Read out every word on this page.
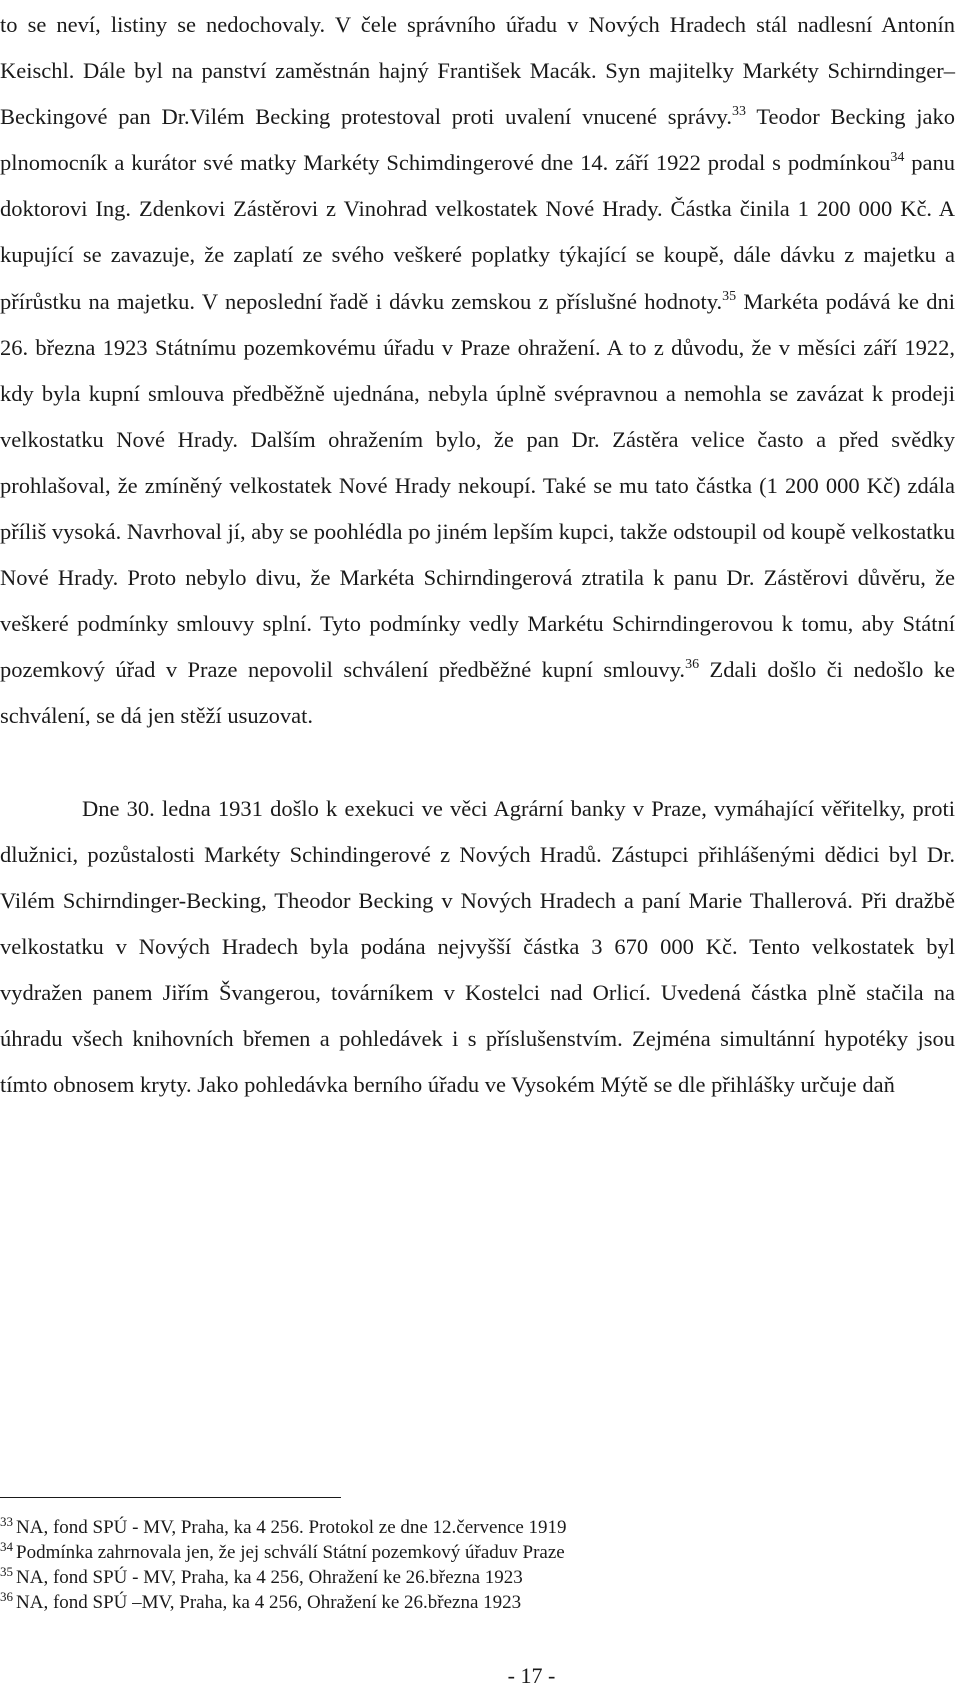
to se neví, listiny se nedochovaly. V čele správního úřadu v Nových Hradech stál nadlesní Antonín Keischl. Dále byl na panství zaměstnán hajný František Macák. Syn majitelky Markéty Schirndinger–Beckingové pan Dr.Vilém Becking protestoval proti uvalení vnucené správy.$^{33}$ Teodor Becking jako plnomocník a kurátor své matky Markéty Schimdingerové dne 14. září 1922 prodal s podmínkou$^{34}$ panu doktorovi Ing. Zdenkovi Zástěrovi z Vinohrad velkostatek Nové Hrady. Částka činila 1 200 000 Kč. A kupující se zavazuje, že zaplatí ze svého veškeré poplatky týkající se koupě, dále dávku z majetku a přírůstku na majetku. V neposlední řadě i dávku zemskou z příslušné hodnoty.$^{35}$ Markéta podává ke dni 26. března 1923 Státnímu pozemkovému úřadu v Praze ohražení. A to z důvodu, že v měsíci září 1922, kdy byla kupní smlouva předběžně ujednána, nebyla úplně svépravnou a nemohla se zavázat k prodeji velkostatku Nové Hrady. Dalším ohražením bylo, že pan Dr. Zástěra velice často a před svědky prohlašoval, že zmíněný velkostatek Nové Hrady nekoupí. Také se mu tato částka (1 200 000 Kč) zdála příliš vysoká. Navrhoval jí, aby se poohlédla po jiném lepším kupci, takže odstoupil od koupě velkostatku Nové Hrady. Proto nebylo divu, že Markéta Schirndingerová ztratila k panu Dr. Zástěrovi důvěru, že veškeré podmínky smlouvy splní. Tyto podmínky vedly Markétu Schirndingerovou k tomu, aby Státní pozemkový úřad v Praze nepovolil schválení předběžné kupní smlouvy.$^{36}$ Zdali došlo či nedošlo ke schválení, se dá jen stěží usuzovat.

Dne 30. ledna 1931 došlo k exekuci ve věci Agrární banky v Praze, vymáhající věřitelky, proti dlužnici, pozůstalosti Markéty Schindingerové z Nových Hradů. Zástupci přihlášenými dědici byl Dr. Vilém Schirndinger-Becking, Theodor Becking v Nových Hradech a paní Marie Thallerová. Při dražbě velkostatku v Nových Hradech byla podána nejvyšší částka 3 670 000 Kč. Tento velkostatek byl vydražen panem Jiřím Švangerou, továrníkem v Kostelci nad Orlicí. Uvedená částka plně stačila na úhradu všech knihovních břemen a pohledávek i s příslušenstvím. Zejména simultánní hypotéky jsou tímto obnosem kryty. Jako pohledávka berního úřadu ve Vysokém Mýtě se dle přihlášky určuje daň

$^{33}$ NA, fond SPÚ - MV, Praha, ka 4 256. Protokol ze dne 12.července 1919

$^{34}$ Podmínka zahrnovala jen, že jej schválí Státní pozemkový úřaduv Praze

$^{35}$ NA, fond SPÚ - MV, Praha, ka 4 256, Ohražení ke 26.března 1923

$^{36}$ NA, fond SPÚ –MV, Praha, ka 4 256, Ohražení ke 26.března 1923

- 17 -
